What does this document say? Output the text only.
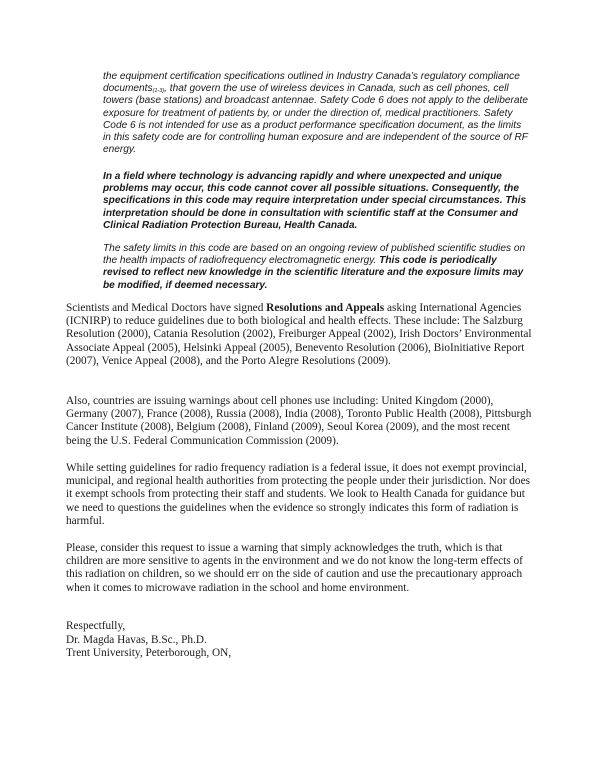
the equipment certification specifications outlined in Industry Canada’s regulatory compliance documents$_{(1-3)}$, that govern the use of wireless devices in Canada, such as cell phones, cell towers (base stations) and broadcast antennae. Safety Code 6 does not apply to the deliberate exposure for treatment of patients by, or under the direction of, medical practitioners. Safety Code 6 is not intended for use as a product performance specification document, as the limits in this safety code are for controlling human exposure and are independent of the source of RF energy.

In a field where technology is advancing rapidly and where unexpected and unique problems may occur, this code cannot cover all possible situations. Consequently, the specifications in this code may require interpretation under special circumstances. This interpretation should be done in consultation with scientific staff at the Consumer and Clinical Radiation Protection Bureau, Health Canada.

The safety limits in this code are based on an ongoing review of published scientific studies on the health impacts of radiofrequency electromagnetic energy. This code is periodically revised to reflect new knowledge in the scientific literature and the exposure limits may be modified, if deemed necessary.

Scientists and Medical Doctors have signed Resolutions and Appeals asking International Agencies (ICNIRP) to reduce guidelines due to both biological and health effects. These include: The Salzburg Resolution (2000), Catania Resolution (2002), Freiburger Appeal (2002), Irish Doctors’ Environmental Associate Appeal (2005), Helsinki Appeal (2005), Benevento Resolution (2006), BioInitiative Report (2007), Venice Appeal (2008), and the Porto Alegre Resolutions (2009).

Also, countries are issuing warnings about cell phones use including: United Kingdom (2000), Germany (2007), France (2008), Russia (2008), India (2008), Toronto Public Health (2008), Pittsburgh Cancer Institute (2008), Belgium (2008), Finland (2009), Seoul Korea (2009), and the most recent being the U.S. Federal Communication Commission (2009).

While setting guidelines for radio frequency radiation is a federal issue, it does not exempt provincial, municipal, and regional health authorities from protecting the people under their jurisdiction. Nor does it exempt schools from protecting their staff and students. We look to Health Canada for guidance but we need to questions the guidelines when the evidence so strongly indicates this form of radiation is harmful.

Please, consider this request to issue a warning that simply acknowledges the truth, which is that children are more sensitive to agents in the environment and we do not know the long-term effects of this radiation on children, so we should err on the side of caution and use the precautionary approach when it comes to microwave radiation in the school and home environment.

Respectfully,
Dr. Magda Havas, B.Sc., Ph.D.
Trent University, Peterborough, ON,
